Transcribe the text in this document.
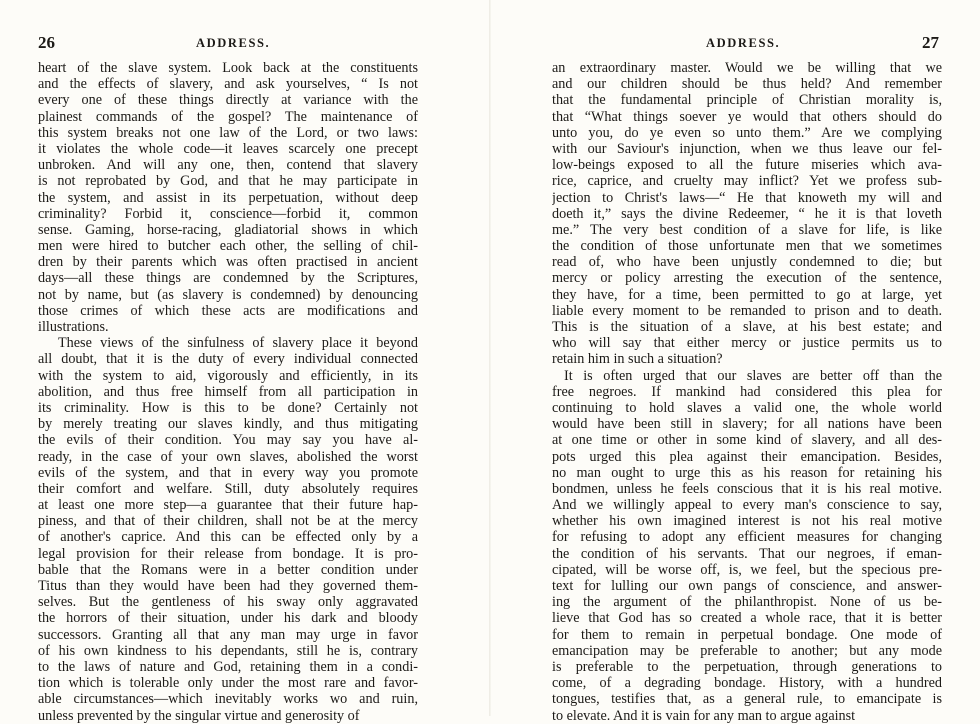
26	ADDRESS.
heart of the slave system. Look back at the constituents
and the effects of slavery, and ask yourselves, “ Is not
every one of these things directly at variance with the
plainest commands of the gospel? The maintenance of
this system breaks not one law of the Lord, or two laws:
it violates the whole code—it leaves scarcely one precept
unbroken. And will any one, then, contend that slavery
is not reprobated by God, and that he may participate in
the system, and assist in its perpetuation, without deep
criminality? Forbid it, conscience—forbid it, common
sense. Gaming, horse-racing, gladiatorial shows in which
men were hired to butcher each other, the selling of chil-
dren by their parents which was often practised in ancient
days—all these things are condemned by the Scriptures,
not by name, but (as slavery is condemned) by denouncing
those crimes of which these acts are modifications and
illustrations.
These views of the sinfulness of slavery place it beyond
all doubt, that it is the duty of every individual connected
with the system to aid, vigorously and efficiently, in its
abolition, and thus free himself from all participation in
its criminality. How is this to be done? Certainly not
by merely treating our slaves kindly, and thus mitigating
the evils of their condition. You may say you have al-
ready, in the case of your own slaves, abolished the worst
evils of the system, and that in every way you promote
their comfort and welfare. Still, duty absolutely requires
at least one more step—a guarantee that their future hap-
piness, and that of their children, shall not be at the mercy
of another's caprice. And this can be effected only by a
legal provision for their release from bondage. It is pro-
bable that the Romans were in a better condition under
Titus than they would have been had they governed them-
selves. But the gentleness of his sway only aggravated
the horrors of their situation, under his dark and bloody
successors. Granting all that any man may urge in favor
of his own kindness to his dependants, still he is, contrary
to the laws of nature and God, retaining them in a condi-
tion which is tolerable only under the most rare and favor-
able circumstances—which inevitably works wo and ruin,
unless prevented by the singular virtue and generosity of
27
ADDRESS.
an extraordinary master. Would we be willing that we
and our children should be thus held? And remember
that the fundamental principle of Christian morality is,
that “What things soever ye would that others should do
unto you, do ye even so unto them.” Are we complying
with our Saviour's injunction, when we thus leave our fel-
low-beings exposed to all the future miseries which ava-
rice, caprice, and cruelty may inflict? Yet we profess sub-
jection to Christ's laws—“ He that knoweth my will and
doeth it,” says the divine Redeemer, “ he it is that loveth
me.” The very best condition of a slave for life, is like
the condition of those unfortunate men that we sometimes
read of, who have been unjustly condemned to die; but
mercy or policy arresting the execution of the sentence,
they have, for a time, been permitted to go at large, yet
liable every moment to be remanded to prison and to death.
This is the situation of a slave, at his best estate; and
who will say that either mercy or justice permits us to
retain him in such a situation?
It is often urged that our slaves are better off than the
free negroes. If mankind had considered this plea for
continuing to hold slaves a valid one, the whole world
would have been still in slavery; for all nations have been
at one time or other in some kind of slavery, and all des-
pots urged this plea against their emancipation. Besides,
no man ought to urge this as his reason for retaining his
bondmen, unless he feels conscious that it is his real motive.
And we willingly appeal to every man's conscience to say,
whether his own imagined interest is not his real motive
for refusing to adopt any efficient measures for changing
the condition of his servants. That our negroes, if eman-
cipated, will be worse off, is, we feel, but the specious pre-
text for lulling our own pangs of conscience, and answer-
ing the argument of the philanthropist. None of us be-
lieve that God has so created a whole race, that it is better
for them to remain in perpetual bondage. One mode of
emancipation may be preferable to another; but any mode
is preferable to the perpetuation, through generations to
come, of a degrading bondage. History, with a hundred
tongues, testifies that, as a general rule, to emancipate is
to elevate. And it is vain for any man to argue against
